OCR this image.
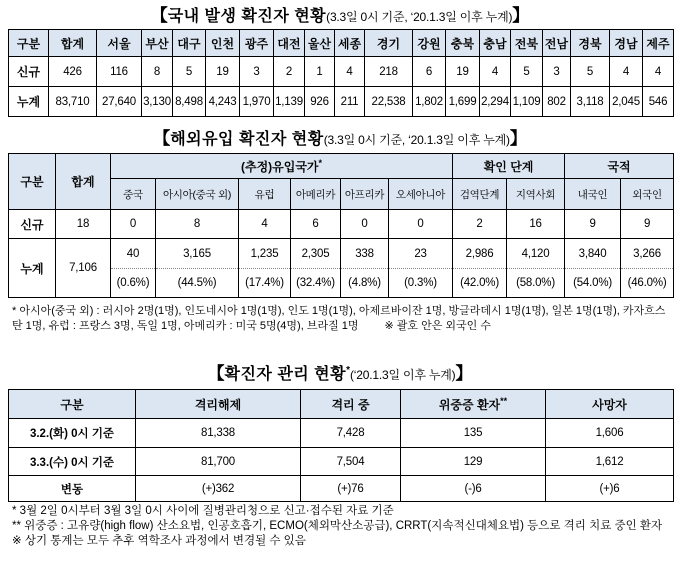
【국내 발생 확진자 현황(3.3일 0시 기준, ‘20.1.3일 이후 누계)】
구분	합계	서울	부산	대구	인천	광주	대전	울산	세종	경기	강원	충북	충남	전북	전남	경북	경남	제주
신규	426	116	8	5	19	3	2	1	4	218	6	19	4	5	3	5	4	4
누계	83,710	27,640	3,130	8,498	4,243	1,970	1,139	926	211	22,538	1,802	1,699	2,294	1,109	802	3,118	2,045	546
【해외유입 확진자 현황(3.3일 0시 기준, ‘20.1.3일 이후 누계)】
구분	합계	(추정)유입국가*						확인 단계		국적	
		중국	아시아(중국 외)	유럽	아메리카	아프리카	오세아니아	검역단계	지역사회	내국인	외국인
신규	18	0	8	4	6	0	0	2	16	9	9
누계	7,106	40	3,165	1,235	2,305	338	23	2,986	4,120	3,840	3,266
		(0.6%)	(44.5%)	(17.4%)	(32.4%)	(4.8%)	(0.3%)	(42.0%)	(58.0%)	(54.0%)	(46.0%)

* 아시아(중국 외) : 러시아 2명(1명), 인도네시아 1명(1명), 인도 1명(1명), 아제르바이잔 1명, 방글라데시 1명(1명), 일본 1명(1명), 카자흐스탄 1명, 유럽 : 프랑스 3명, 독일 1명, 아메리카 : 미국 5명(4명), 브라질 1명 ※ 괄호 안은 외국인 수

【확진자 관리 현황*(‘20.1.3일 이후 누계)】
구분	격리해제	격리 중	위중증 환자**	사망자
3.2.(화) 0시 기준	81,338	7,428	135	1,606
3.3.(수) 0시 기준	81,700	7,504	129	1,612
변동	(+)362	(+)76	(-)6	(+)6

* 3월 2일 0시부터 3월 3일 0시 사이에 질병관리청으로 신고·접수된 자료 기준

** 위중증 : 고유량(high flow) 산소요법, 인공호흡기, ECMO(체외막산소공급), CRRT(지속적신대체요법) 등으로 격리 치료 중인 환자

※ 상기 통계는 모두 추후 역학조사 과정에서 변경될 수 있음
